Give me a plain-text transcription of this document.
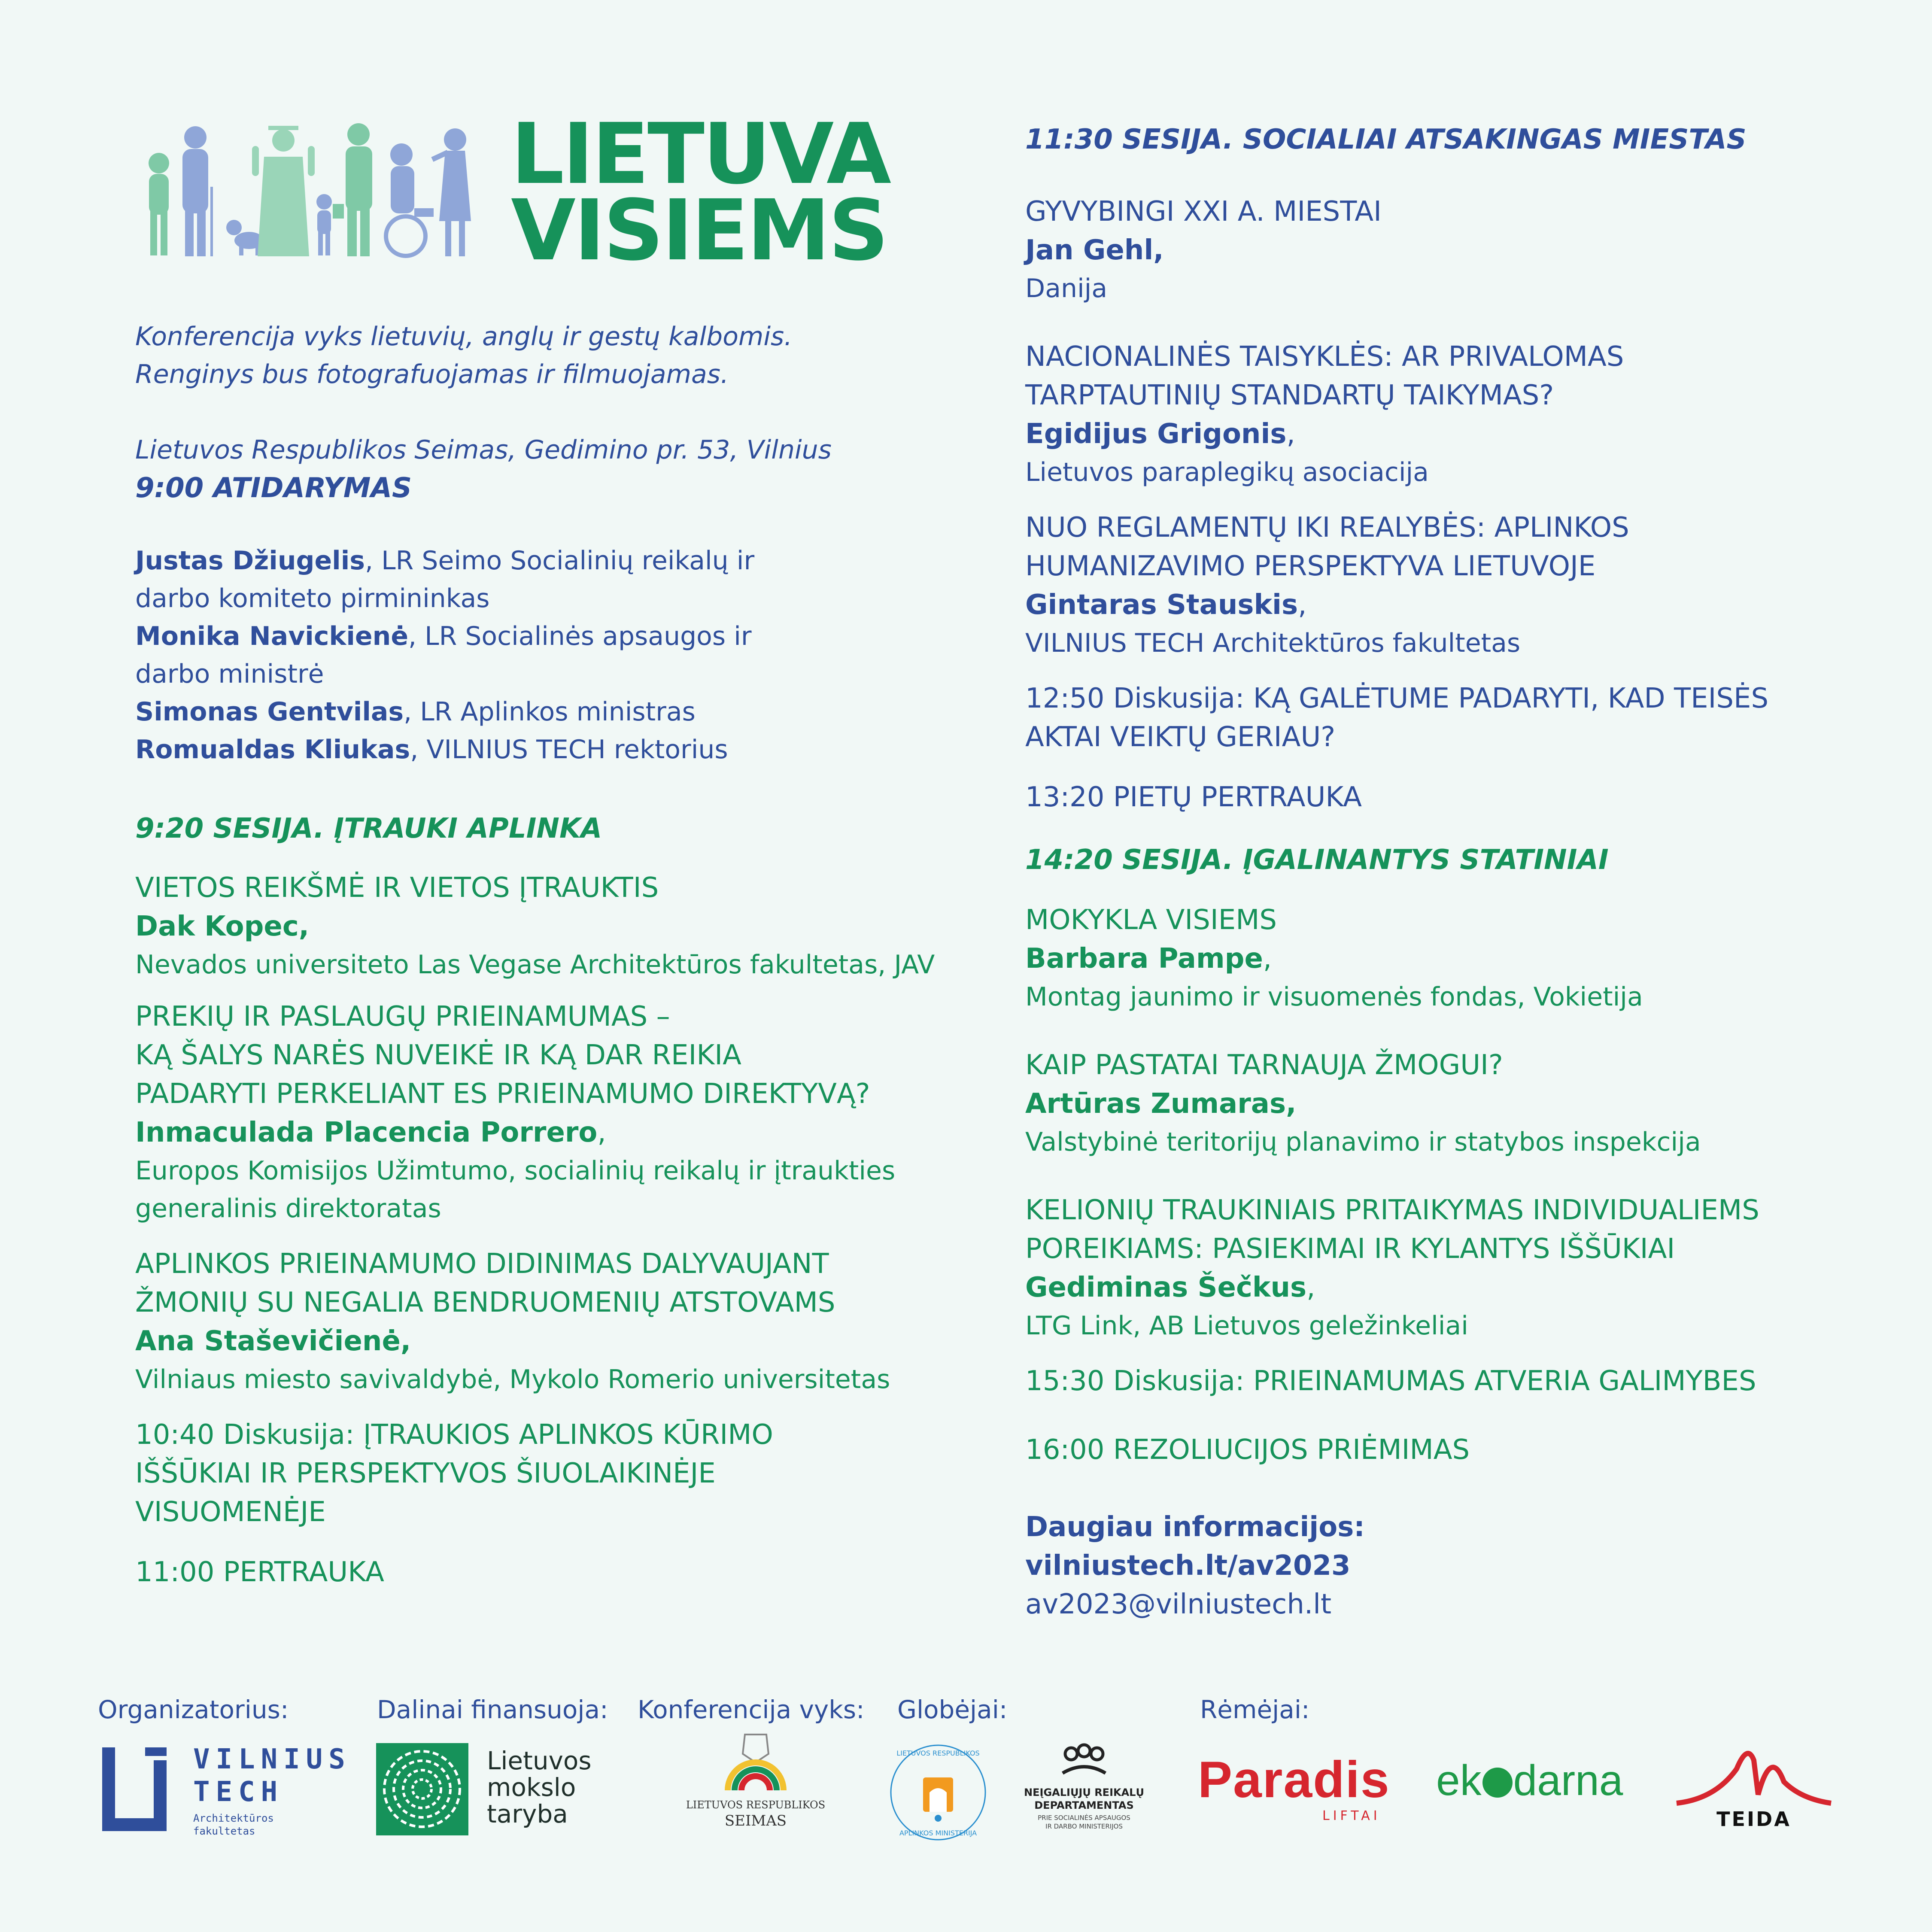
LIETUVA

VISIEMS

Konferencija vyks lietuvių, anglų ir gestų kalbomis.

Renginys bus fotografuojamas ir filmuojamas.

Lietuvos Respublikos Seimas, Gedimino pr. 53, Vilnius

9:00 ATIDARYMAS

Justas Džiugelis, LR Seimo Socialinių reikalų ir

darbo komiteto pirmininkas

Monika Navickienė, LR Socialinės apsaugos ir

darbo ministrė

Simonas Gentvilas, LR Aplinkos ministras

Romualdas Kliukas, VILNIUS TECH rektorius

9:20 SESIJA. ĮTRAUKI APLINKA

VIETOS REIKŠMĖ IR VIETOS ĮTRAUKTIS

Dak Kopec,

Nevados universiteto Las Vegase Architektūros fakultetas, JAV

PREKIŲ IR PASLAUGŲ PRIEINAMUMAS –

KĄ ŠALYS NARĖS NUVEIKĖ IR KĄ DAR REIKIA

PADARYTI PERKELIANT ES PRIEINAMUMO DIREKTYVĄ?

Inmaculada Placencia Porrero,

Europos Komisijos Užimtumo, socialinių reikalų ir įtraukties

generalinis direktoratas

APLINKOS PRIEINAMUMO DIDINIMAS DALYVAUJANT

ŽMONIŲ SU NEGALIA BENDRUOMENIŲ ATSTOVAMS

Ana Staševičienė,

Vilniaus miesto savivaldybė, Mykolo Romerio universitetas

10:40 Diskusija: ĮTRAUKIOS APLINKOS KŪRIMO

IŠŠŪKIAI IR PERSPEKTYVOS ŠIUOLAIKINĖJE

VISUOMENĖJE

11:00 PERTRAUKA

11:30 SESIJA. SOCIALIAI ATSAKINGAS MIESTAS

GYVYBINGI XXI A. MIESTAI

Jan Gehl,

Danija

NACIONALINĖS TAISYKLĖS: AR PRIVALOMAS

TARPTAUTINIŲ STANDARTŲ TAIKYMAS?

Egidijus Grigonis,

Lietuvos paraplegikų asociacija

NUO REGLAMENTŲ IKI REALYBĖS: APLINKOS

HUMANIZAVIMO PERSPEKTYVA LIETUVOJE

Gintaras Stauskis,

VILNIUS TECH Architektūros fakultetas

12:50 Diskusija: KĄ GALĖTUME PADARYTI, KAD TEISĖS

AKTAI VEIKTŲ GERIAU?

13:20 PIETŲ PERTRAUKA

14:20 SESIJA. ĮGALINANTYS STATINIAI

MOKYKLA VISIEMS

Barbara Pampe,

Montag jaunimo ir visuomenės fondas, Vokietija

KAIP PASTATAI TARNAUJA ŽMOGUI?

Artūras Zumaras,

Valstybinė teritorijų planavimo ir statybos inspekcija

KELIONIŲ TRAUKINIAIS PRITAIKYMAS INDIVIDUALIEMS

POREIKIAMS: PASIEKIMAI IR KYLANTYS IŠŠŪKIAI

Gediminas Šečkus,

LTG Link, AB Lietuvos geležinkeliai

15:30 Diskusija: PRIEINAMUMAS ATVERIA GALIMYBES

16:00 REZOLIUCIJOS PRIĖMIMAS

Daugiau informacijos:

vilniustech.lt/av2023

av2023@vilniustech.lt

Organizatorius:	Dalinai finansuoja: Konferencija vyks: Globėjai:	Rėmėjai:
VILNIUS
TECH
Architektūros
fakultetas
Lietuvos
mokslo
taryba	LIETUVOS RESPUBLIKOS
SEIMAS
LIETUVOS RESPUBLIKOS
APLINKOS MINISTERIJA
NEĮGALIŲJŲ REIKALŲ
DEPARTAMENTAS
PRIE SOCIALINĖS APSAUGOS
IR DARBO MINISTERIJOS
Paradis
LIFTAI
ek darna
TEIDA
